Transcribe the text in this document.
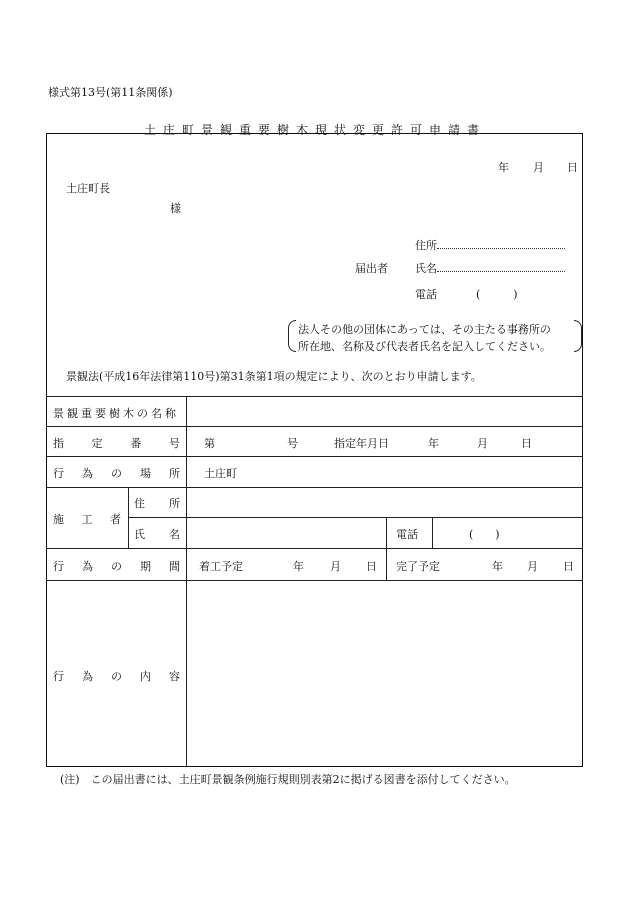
様式第13号(第11条関係)
土庄町景観重要樹木現状変更許可申請書
年 月 日
土庄町長
様
住所
届出者 氏名
電話	(　　　)
法人その他の団体にあっては、その主たる事務所の
所在地、名称及び代表者氏名を記入してください。
景観法(平成16年法律第110号)第31条第1項の規定により、次のとおり申請します。
景観重要樹木の名称
指	定	番	号 第	号	指定年月日	年	月	日
行 為 の 場 所 土庄町
施 工 者
住 所
氏 名	電話	(　　)
行 為 の 期 間 着工予定	年 月 日 完了予定	年 月 日
行 為 の 内 容
(注)　この届出書には、土庄町景観条例施行規則別表第2に掲げる図書を添付してください。
